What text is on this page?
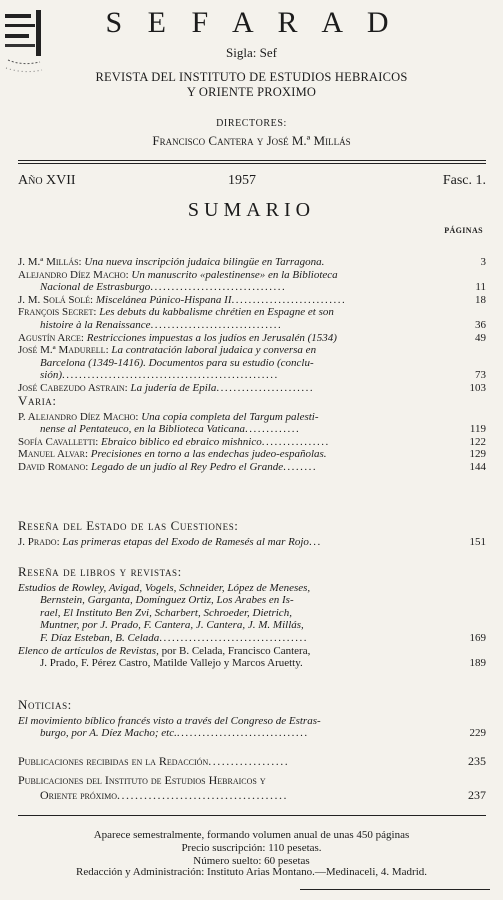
S E F A R A D
Sigla: Sef
REVISTA DEL INSTITUTO DE ESTUDIOS HEBRAICOS
Y ORIENTE PROXIMO
DIRECTORES:
Francisco Cantera y José M.ª Millás
Año XVII	1957	Fasc. 1.
SUMARIO
PÁGINAS
J. M.ª Millás: Una nueva inscripción judaica bilingüe en Tarragona.	3
Alejandro Díez Macho: Un manuscrito «palestinense» en la Biblioteca
Nacional de Estrasburgo................................	11
J. M. Solá Solé: Miscelánea Púnico-Hispana II...........................	18
François Secret: Les debuts du kabbalisme chrétien en Espagne et son
histoire à la Renaissance...............................	36
Agustín Arce: Restricciones impuestas a los judíos en Jerusalén (1534)	49
José M.ª Madurell: La contratación laboral judaica y conversa en
Barcelona (1349-1416). Documentos para su estudio (conclu-
sión)...................................................	73
José Cabezudo Astrain: La judería de Epila.......................	103
Varia:
P. Alejandro Díez Macho: Una copia completa del Targum palesti-
nense al Pentateuco, en la Biblioteca Vaticana.............	119
Sofía Cavalletti: Ebraico biblico ed ebraico mishnico................	122
Manuel Alvar: Precisiones en torno a las endechas judeo-españolas.	129
David Romano: Legado de un judío al Rey Pedro el Grande........	144
Reseña del Estado de las Cuestiones:
J. Prado: Las primeras etapas del Exodo de Ramesés al mar Rojo...	151
Reseña de libros y revistas:
Estudios de Rowley, Avigad, Vogels, Schneider, López de Meneses,
Bernstein, Garganta, Domínguez Ortiz, Los Arabes en Is-
rael, El Instituto Ben Zvi, Scharbert, Schroeder, Dietrich,
Muntner, por J. Prado, F. Cantera, J. Cantera, J. M. Millás,
F. Díaz Esteban, B. Celada...................................	169
Elenco de artículos de Revistas, por B. Celada, Francisco Cantera,
J. Prado, F. Pérez Castro, Matilde Vallejo y Marcos Aruetty.	189
Noticias:
El movimiento bíblico francés visto a través del Congreso de Estras-
burgo, por A. Díez Macho; etc................................	229
Publicaciones recibidas en la Redacción..................	235
Publicaciones del Instituto de Estudios Hebraicos y
Oriente próximo......................................	237
Aparece semestralmente, formando volumen anual de unas 450 páginas
Precio suscripción: 110 pesetas.
Número suelto: 60 pesetas
Redacción y Administración: Instituto Arias Montano.—Medinaceli, 4. Madrid.
